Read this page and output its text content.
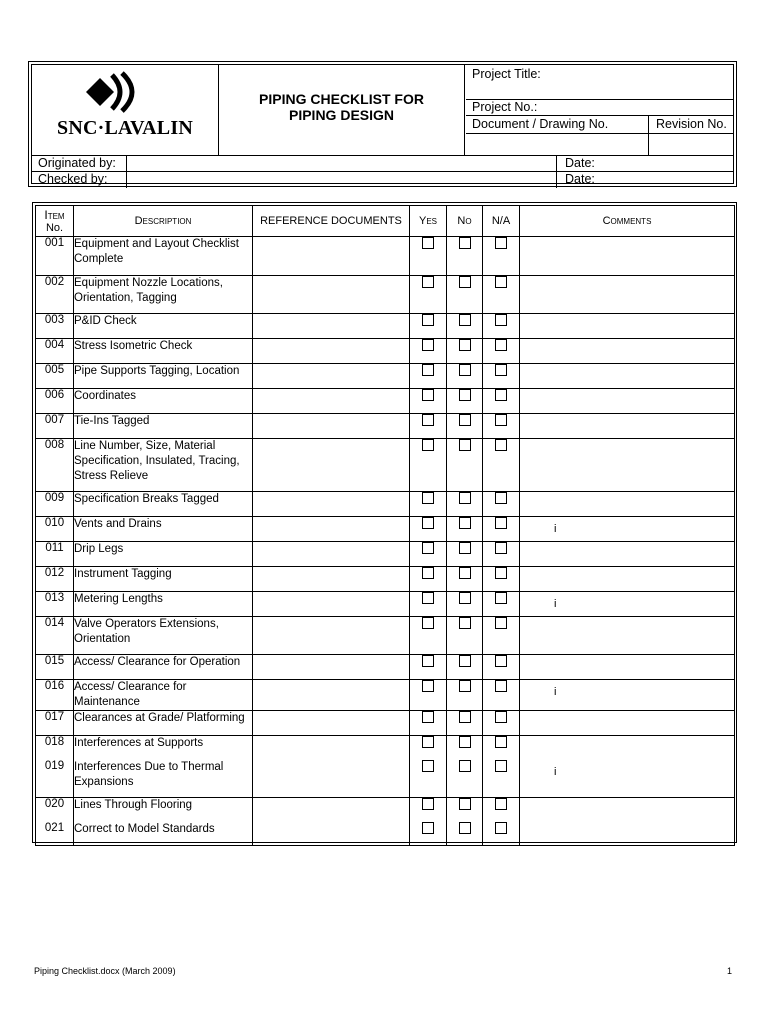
SNC·LAVALIN
PIPING CHECKLIST FOR
PIPING DESIGN
Project Title:
Project No.:
Document / Drawing No.	Revision No.
Originated by:	Date:
Checked by:	Date:
Item
No.	Description	REFERENCE DOCUMENTS	Yes	No	N/A	Comments
001	Equipment and Layout Checklist Complete					
002	Equipment Nozzle Locations, Orientation, Tagging					
003	P&ID Check					
004	Stress Isometric Check					
005	Pipe Supports Tagging, Location					
006	Coordinates					
007	Tie-Ins Tagged					
008	Line Number, Size, Material Specification, Insulated, Tracing, Stress Relieve					
009	Specification Breaks Tagged					
010	Vents and Drains					i

011	Drip Legs					
012	Instrument Tagging					
013	Metering Lengths					i

014	Valve Operators Extensions, Orientation					
015	Access/ Clearance for Operation					
016	Access/ Clearance for Maintenance					i

017	Clearances at Grade/ Platforming					
018	Interferences at Supports					
019	Interferences Due to Thermal Expansions					i

020	Lines Through Flooring					
021	Correct to Model Standards					
Piping Checklist.docx (March 2009)	1
